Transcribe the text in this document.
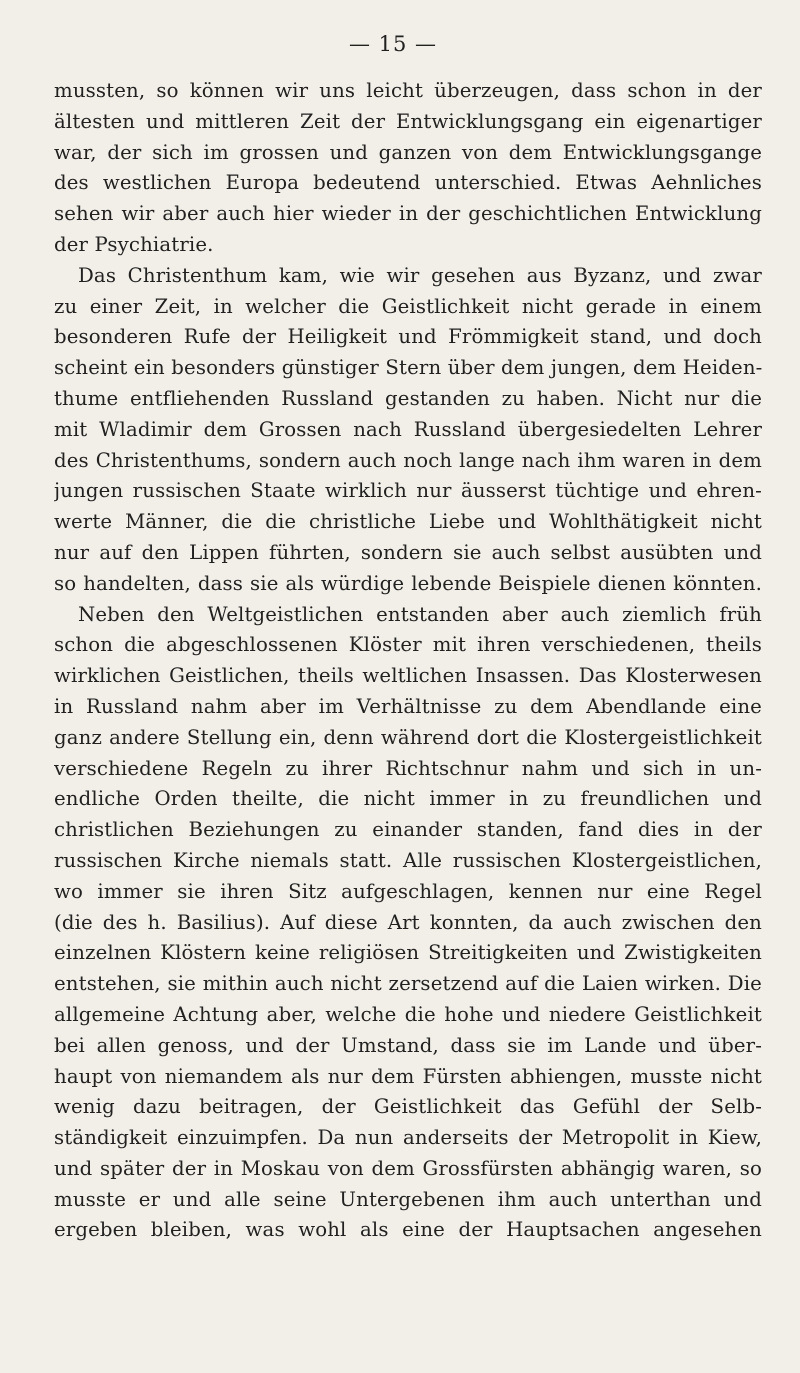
— 15 —
mussten, so können wir uns leicht überzeugen, dass schon in der
ältesten und mittleren Zeit der Entwicklungsgang ein eigenartiger
war, der sich im grossen und ganzen von dem Entwicklungsgange
des westlichen Europa bedeutend unterschied. Etwas Aehnliches
sehen wir aber auch hier wieder in der geschichtlichen Entwicklung
der Psychiatrie.
Das Christenthum kam, wie wir gesehen aus Byzanz, und zwar
zu einer Zeit, in welcher die Geistlichkeit nicht gerade in einem
besonderen Rufe der Heiligkeit und Frömmigkeit stand, und doch
scheint ein besonders günstiger Stern über dem jungen, dem Heiden-
thume entfliehenden Russland gestanden zu haben. Nicht nur die
mit Wladimir dem Grossen nach Russland übergesiedelten Lehrer
des Christenthums, sondern auch noch lange nach ihm waren in dem
jungen russischen Staate wirklich nur äusserst tüchtige und ehren-
werte Männer, die die christliche Liebe und Wohlthätigkeit nicht
nur auf den Lippen führten, sondern sie auch selbst ausübten und
so handelten, dass sie als würdige lebende Beispiele dienen könnten.
Neben den Weltgeistlichen entstanden aber auch ziemlich früh
schon die abgeschlossenen Klöster mit ihren verschiedenen, theils
wirklichen Geistlichen, theils weltlichen Insassen. Das Klosterwesen
in Russland nahm aber im Verhältnisse zu dem Abendlande eine
ganz andere Stellung ein, denn während dort die Klostergeistlichkeit
verschiedene Regeln zu ihrer Richtschnur nahm und sich in un-
endliche Orden theilte, die nicht immer in zu freundlichen und
christlichen Beziehungen zu einander standen, fand dies in der
russischen Kirche niemals statt. Alle russischen Klostergeistlichen,
wo immer sie ihren Sitz aufgeschlagen, kennen nur eine Regel
(die des h. Basilius). Auf diese Art konnten, da auch zwischen den
einzelnen Klöstern keine religiösen Streitigkeiten und Zwistigkeiten
entstehen, sie mithin auch nicht zersetzend auf die Laien wirken. Die
allgemeine Achtung aber, welche die hohe und niedere Geistlichkeit
bei allen genoss, und der Umstand, dass sie im Lande und über-
haupt von niemandem als nur dem Fürsten abhiengen, musste nicht
wenig dazu beitragen, der Geistlichkeit das Gefühl der Selb-
ständigkeit einzuimpfen. Da nun anderseits der Metropolit in Kiew,
und später der in Moskau von dem Grossfürsten abhängig waren, so
musste er und alle seine Untergebenen ihm auch unterthan und
ergeben bleiben, was wohl als eine der Hauptsachen angesehen
